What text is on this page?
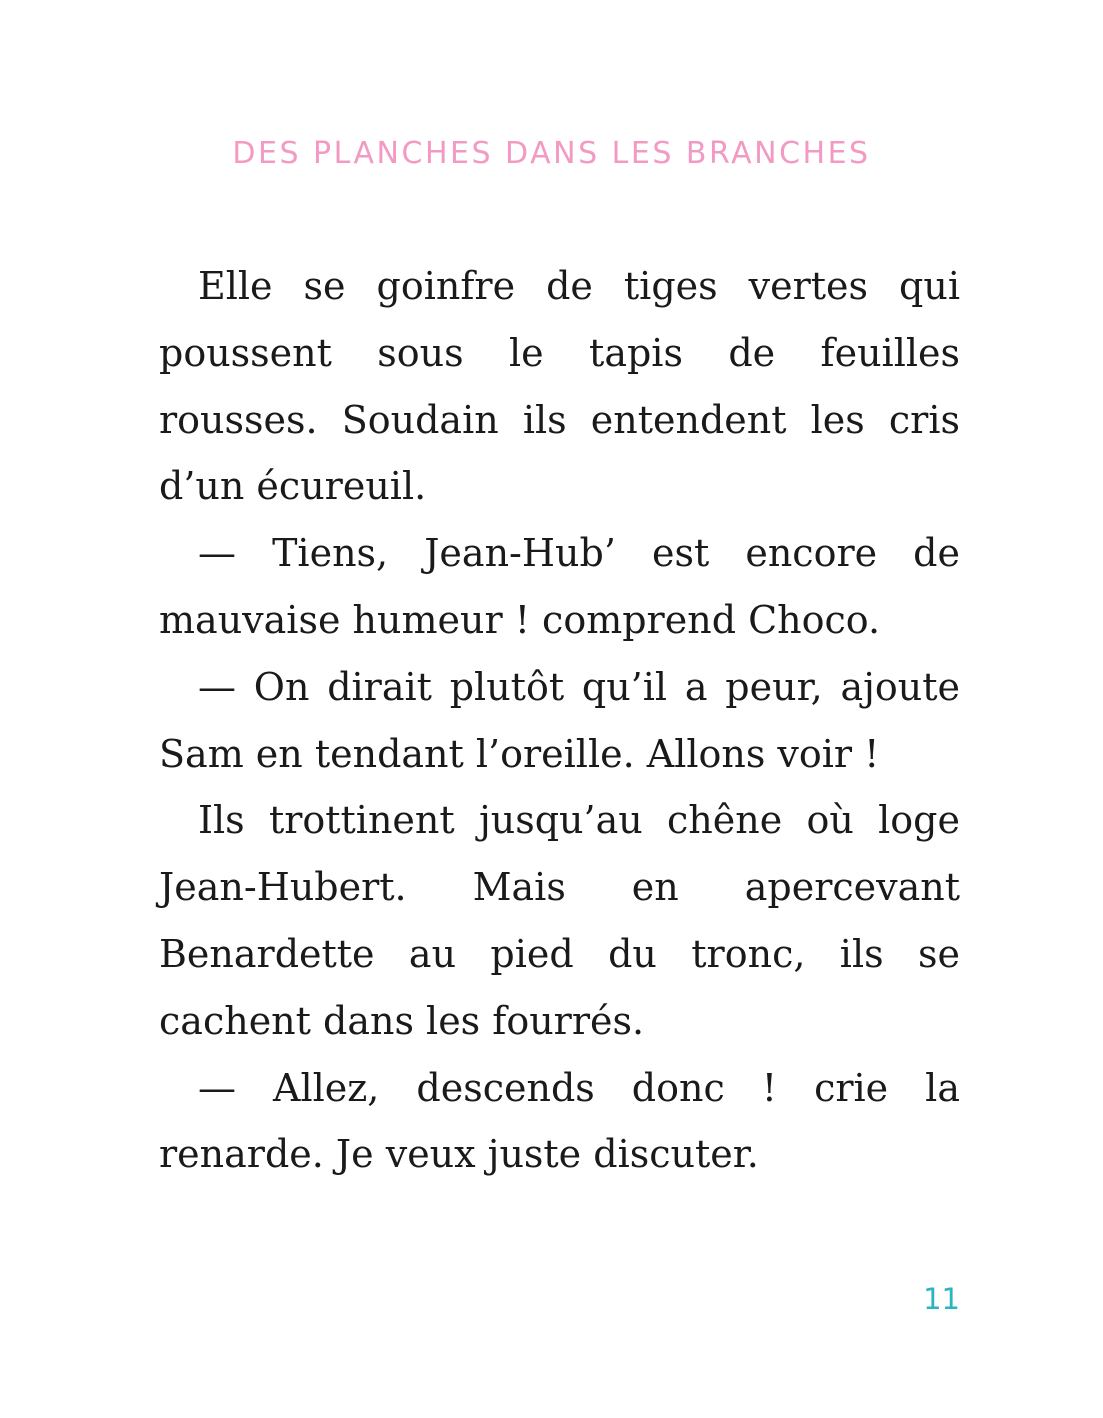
DES PLANCHES DANS LES BRANCHES

Elle se goinfre de tiges vertes qui poussent sous le tapis de feuilles rousses. Soudain ils entendent les cris d’un écureuil.

— Tiens, Jean-Hub’ est encore de mauvaise humeur ! comprend Choco.

— On dirait plutôt qu’il a peur, ajoute Sam en tendant l’oreille. Allons voir !

Ils trottinent jusqu’au chêne où loge Jean-Hubert. Mais en apercevant Benardette au pied du tronc, ils se cachent dans les fourrés.

— Allez, descends donc ! crie la renarde. Je veux juste discuter.

11
